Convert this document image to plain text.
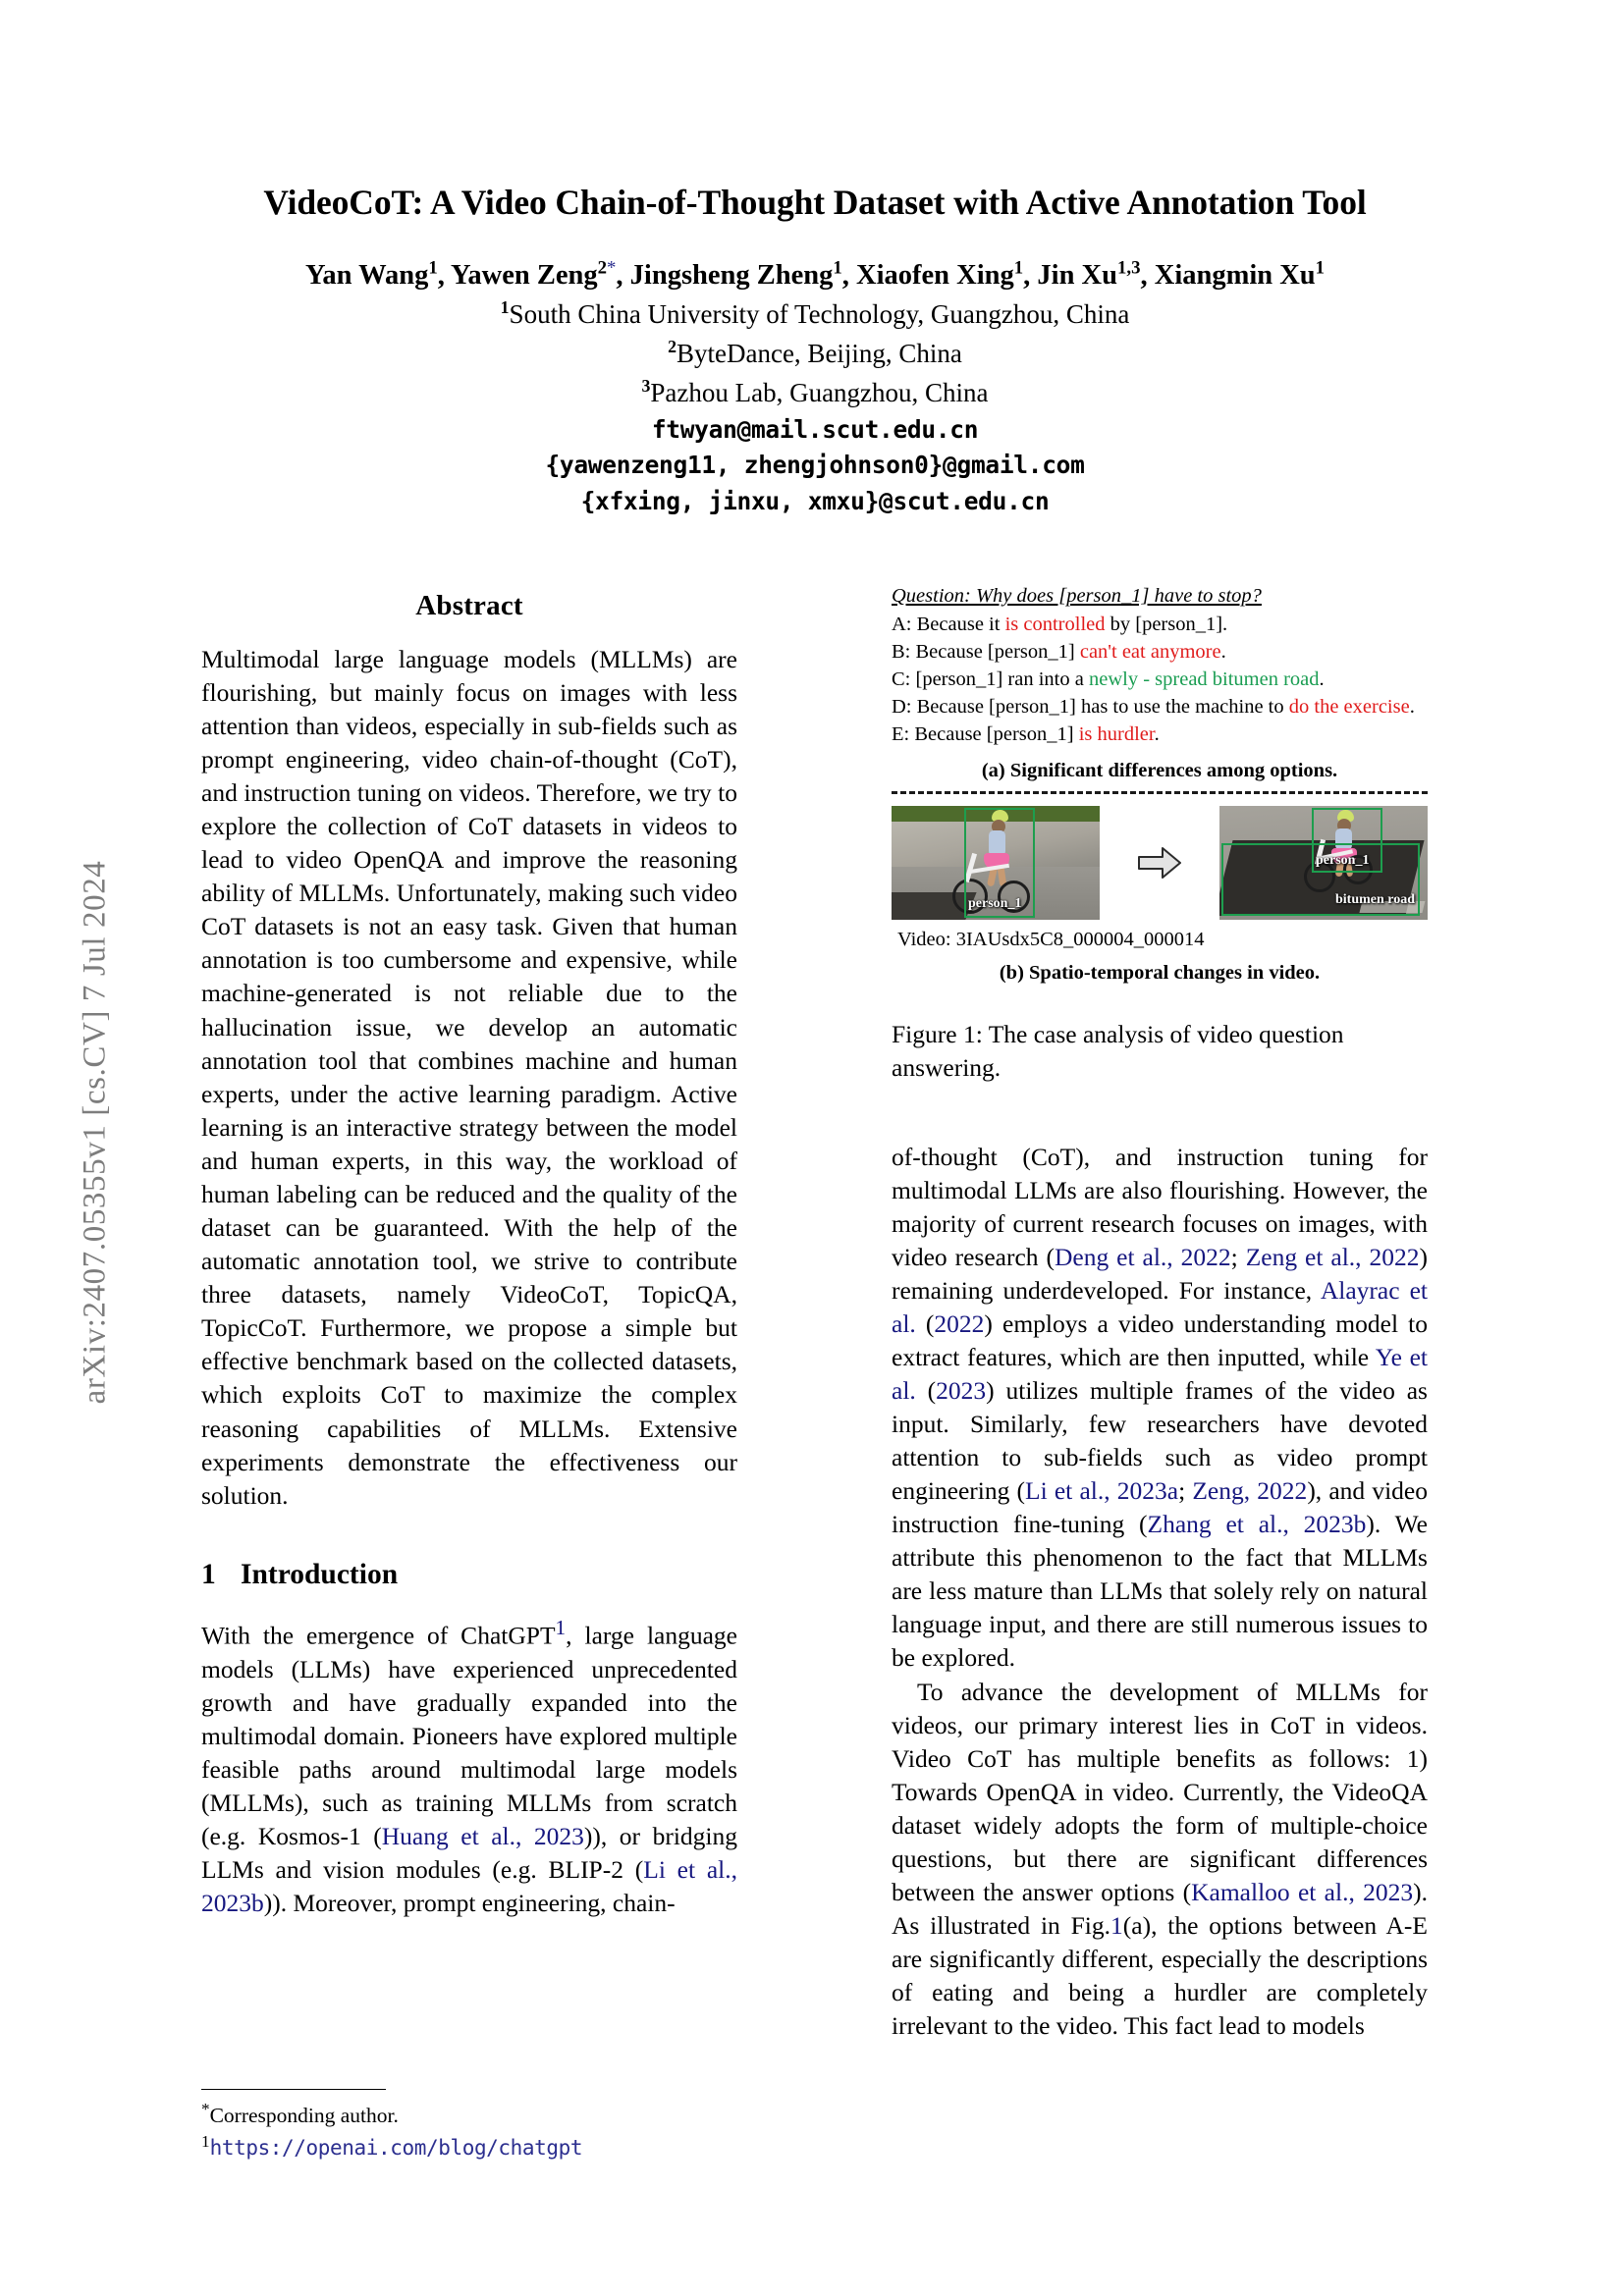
arXiv:2407.05355v1 [cs.CV] 7 Jul 2024
VideoCoT: A Video Chain-of-Thought Dataset with Active Annotation Tool
Yan Wang$^1$, Yawen Zeng$^{2*}$, Jingsheng Zheng$^1$, Xiaofen Xing$^1$, Jin Xu$^{1,3}$, Xiangmin Xu$^1$
$^1$South China University of Technology, Guangzhou, China
$^2$ByteDance, Beijing, China
$^3$Pazhou Lab, Guangzhou, China
ftwyan@mail.scut.edu.cn
{yawenzeng11, zhengjohnson0}@gmail.com
{xfxing, jinxu, xmxu}@scut.edu.cn
Abstract

Multimodal large language models (MLLMs) are flourishing, but mainly focus on images with less attention than videos, especially in sub-fields such as prompt engineering, video chain-of-thought (CoT), and instruction tuning on videos. Therefore, we try to explore the collection of CoT datasets in videos to lead to video OpenQA and improve the reasoning ability of MLLMs. Unfortunately, making such video CoT datasets is not an easy task. Given that human annotation is too cumbersome and expensive, while machine-generated is not reliable due to the hallucination issue, we develop an automatic annotation tool that combines machine and human experts, under the active learning paradigm. Active learning is an interactive strategy between the model and human experts, in this way, the workload of human labeling can be reduced and the quality of the dataset can be guaranteed. With the help of the automatic annotation tool, we strive to contribute three datasets, namely VideoCoT, TopicQA, TopicCoT. Furthermore, we propose a simple but effective benchmark based on the collected datasets, which exploits CoT to maximize the complex reasoning capabilities of MLLMs. Extensive experiments demonstrate the effectiveness our solution.

1 Introduction

With the emergence of ChatGPT$^1$, large language models (LLMs) have experienced unprecedented growth and have gradually expanded into the multimodal domain. Pioneers have explored multiple feasible paths around multimodal large models (MLLMs), such as training MLLMs from scratch (e.g. Kosmos-1 (Huang et al., 2023)), or bridging LLMs and vision modules (e.g. BLIP-2 (Li et al., 2023b)). Moreover, prompt engineering, chain-

Question: Why does [person_1] have to stop?
A: Because it is controlled by [person_1].
B: Because [person_1] can't eat anymore.
C: [person_1] ran into a newly - spread bitumen road.
D: Because [person_1] has to use the machine to do the exercise.
E: Because [person_1] is hurdler.
(a) Significant differences among options.
person_1
person_1
bitumen road
Video: 3IAUsdx5C8_000004_000014
(b) Spatio-temporal changes in video.
Figure 1: The case analysis of video question answering.

of-thought (CoT), and instruction tuning for multimodal LLMs are also flourishing. However, the majority of current research focuses on images, with video research (Deng et al., 2022; Zeng et al., 2022) remaining underdeveloped. For instance, Alayrac et al. (2022) employs a video understanding model to extract features, which are then inputted, while Ye et al. (2023) utilizes multiple frames of the video as input. Similarly, few researchers have devoted attention to sub-fields such as video prompt engineering (Li et al., 2023a; Zeng, 2022), and video instruction fine-tuning (Zhang et al., 2023b). We attribute this phenomenon to the fact that MLLMs are less mature than LLMs that solely rely on natural language input, and there are still numerous issues to be explored.

To advance the development of MLLMs for videos, our primary interest lies in CoT in videos. Video CoT has multiple benefits as follows: 1) Towards OpenQA in video. Currently, the VideoQA dataset widely adopts the form of multiple-choice questions, but there are significant differences between the answer options (Kamalloo et al., 2023). As illustrated in Fig.1(a), the options between A-E are significantly different, especially the descriptions of eating and being a hurdler are completely irrelevant to the video. This fact lead to models

*Corresponding author.

$^1$https://openai.com/blog/chatgpt
